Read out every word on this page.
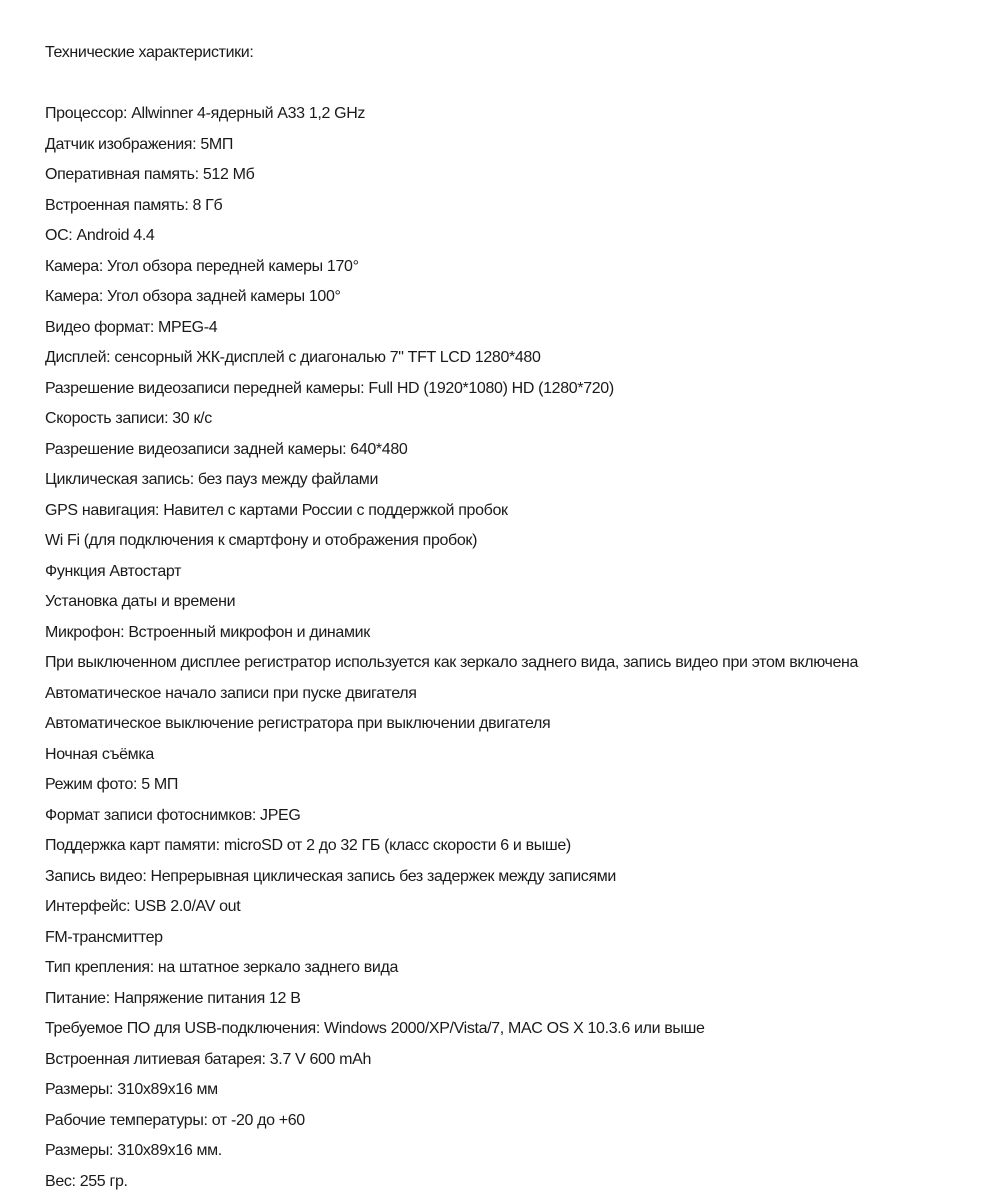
Технические характеристики:
Процессор: Allwinner 4-ядерный A33 1,2 GHz
Датчик изображения: 5МП
Оперативная память: 512 Мб
Встроенная память: 8 Гб
ОС: Android 4.4
Камера: Угол обзора передней камеры 170°
Камера: Угол обзора задней камеры 100°
Видео формат: MPEG-4
Дисплей: сенсорный ЖК-дисплей с диагональю 7" TFT LCD 1280*480
Разрешение видеозаписи передней камеры: Full HD (1920*1080) HD (1280*720)
Скорость записи: 30 к/с
Разрешение видеозаписи задней камеры: 640*480
Циклическая запись: без пауз между файлами
GPS навигация: Навител с картами России с поддержкой пробок
Wi Fi (для подключения к смартфону и отображения пробок)
Функция Автостарт
Установка даты и времени
Микрофон: Встроенный микрофон и динамик
При выключенном дисплее регистратор используется как зеркало заднего вида, запись видео при этом включена
Автоматическое начало записи при пуске двигателя
Автоматическое выключение регистратора при выключении двигателя
Ночная съёмка
Режим фото: 5 МП
Формат записи фотоснимков: JPEG
Поддержка карт памяти: microSD от 2 до 32 ГБ (класс скорости 6 и выше)
Запись видео: Непрерывная циклическая запись без задержек между записями
Интерфейс: USB 2.0/AV out
FM-трансмиттер
Тип крепления: на штатное зеркало заднего вида
Питание: Напряжение питания 12 В
Требуемое ПО для USB-подключения: Windows 2000/XP/Vista/7, MAC OS X 10.3.6 или выше
Встроенная литиевая батарея: 3.7 V 600 mAh
Размеры: 310x89x16 мм
Рабочие температуры: от -20 до +60
Размеры: 310x89x16 мм.
Вес: 255 гр.
